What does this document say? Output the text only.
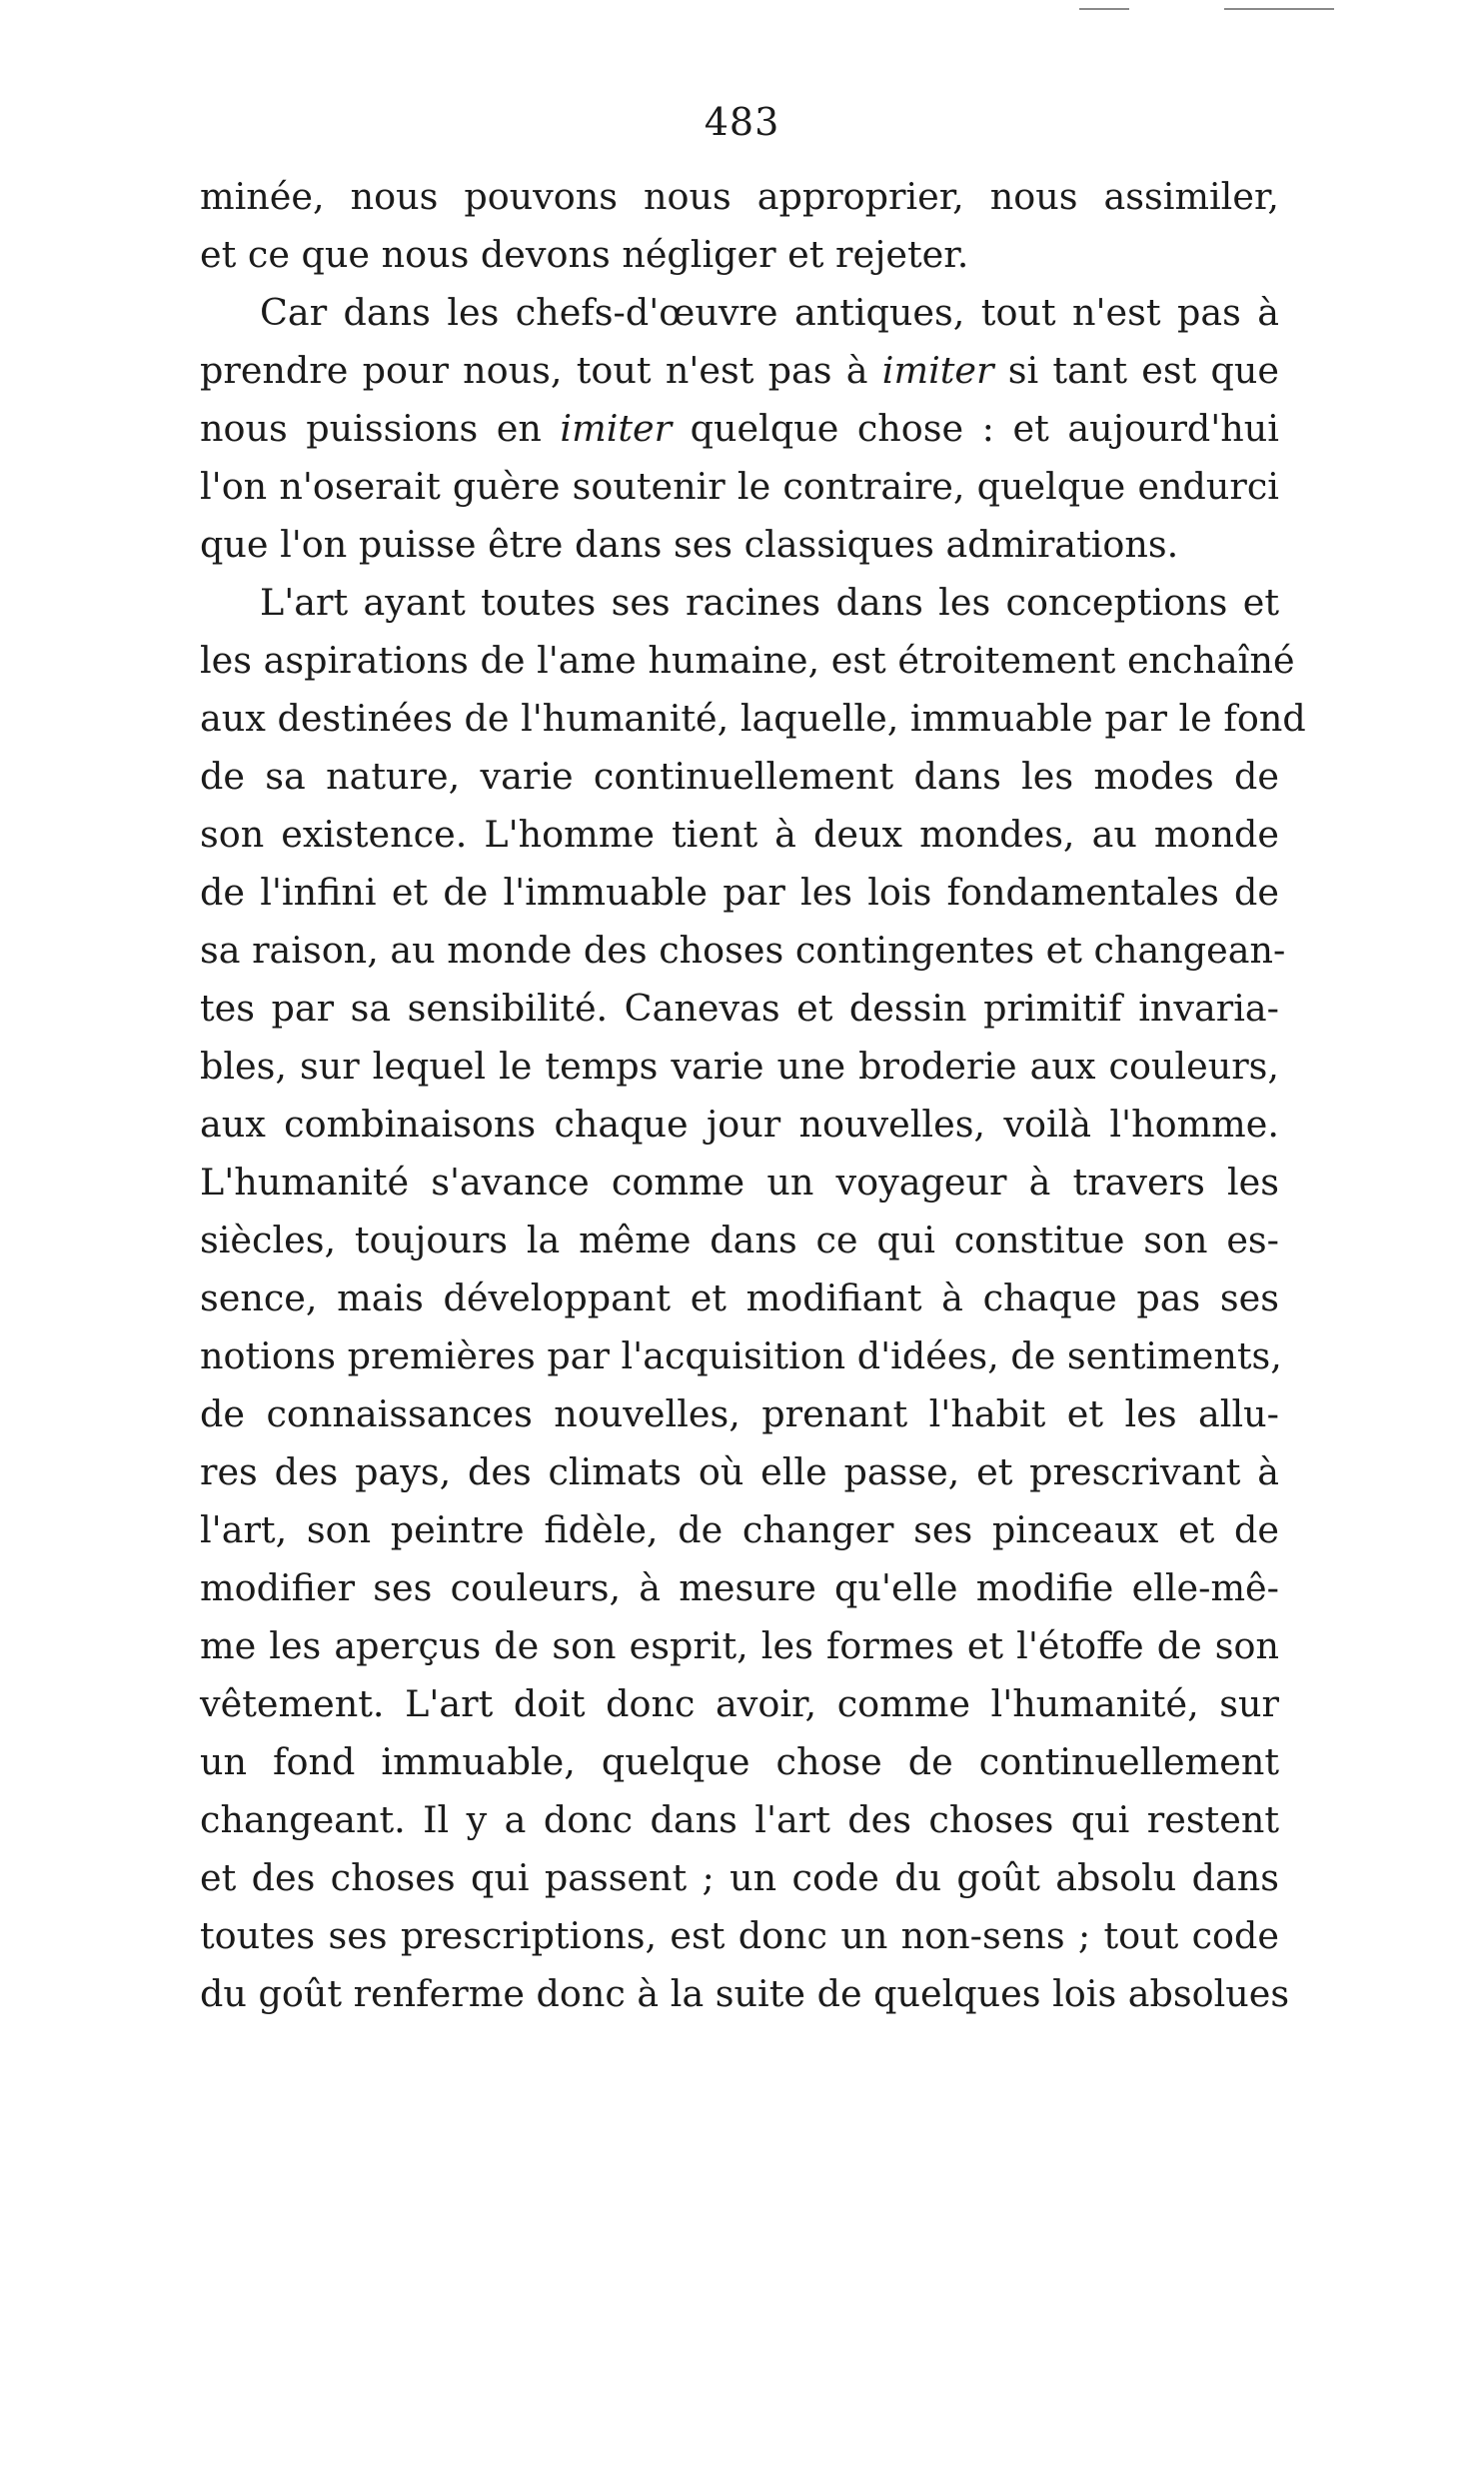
483
minée, nous pouvons nous approprier, nous assimiler,
et ce que nous devons négliger et rejeter.
Car dans les chefs-d'œuvre antiques, tout n'est pas à
prendre pour nous, tout n'est pas à imiter si tant est que
nous puissions en imiter quelque chose : et aujourd'hui
l'on n'oserait guère soutenir le contraire, quelque endurci
que l'on puisse être dans ses classiques admirations.
L'art ayant toutes ses racines dans les conceptions et
les aspirations de l'ame humaine, est étroitement enchaîné
aux destinées de l'humanité, laquelle, immuable par le fond
de sa nature, varie continuellement dans les modes de
son existence. L'homme tient à deux mondes, au monde
de l'infini et de l'immuable par les lois fondamentales de
sa raison, au monde des choses contingentes et changean-
tes par sa sensibilité. Canevas et dessin primitif invaria-
bles, sur lequel le temps varie une broderie aux couleurs,
aux combinaisons chaque jour nouvelles, voilà l'homme.
L'humanité s'avance comme un voyageur à travers les
siècles, toujours la même dans ce qui constitue son es-
sence, mais développant et modifiant à chaque pas ses
notions premières par l'acquisition d'idées, de sentiments,
de connaissances nouvelles, prenant l'habit et les allu-
res des pays, des climats où elle passe, et prescrivant à
l'art, son peintre fidèle, de changer ses pinceaux et de
modifier ses couleurs, à mesure qu'elle modifie elle-mê-
me les aperçus de son esprit, les formes et l'étoffe de son
vêtement. L'art doit donc avoir, comme l'humanité, sur
un fond immuable, quelque chose de continuellement
changeant. Il y a donc dans l'art des choses qui restent
et des choses qui passent ; un code du goût absolu dans
toutes ses prescriptions, est donc un non-sens ; tout code
du goût renferme donc à la suite de quelques lois absolues
